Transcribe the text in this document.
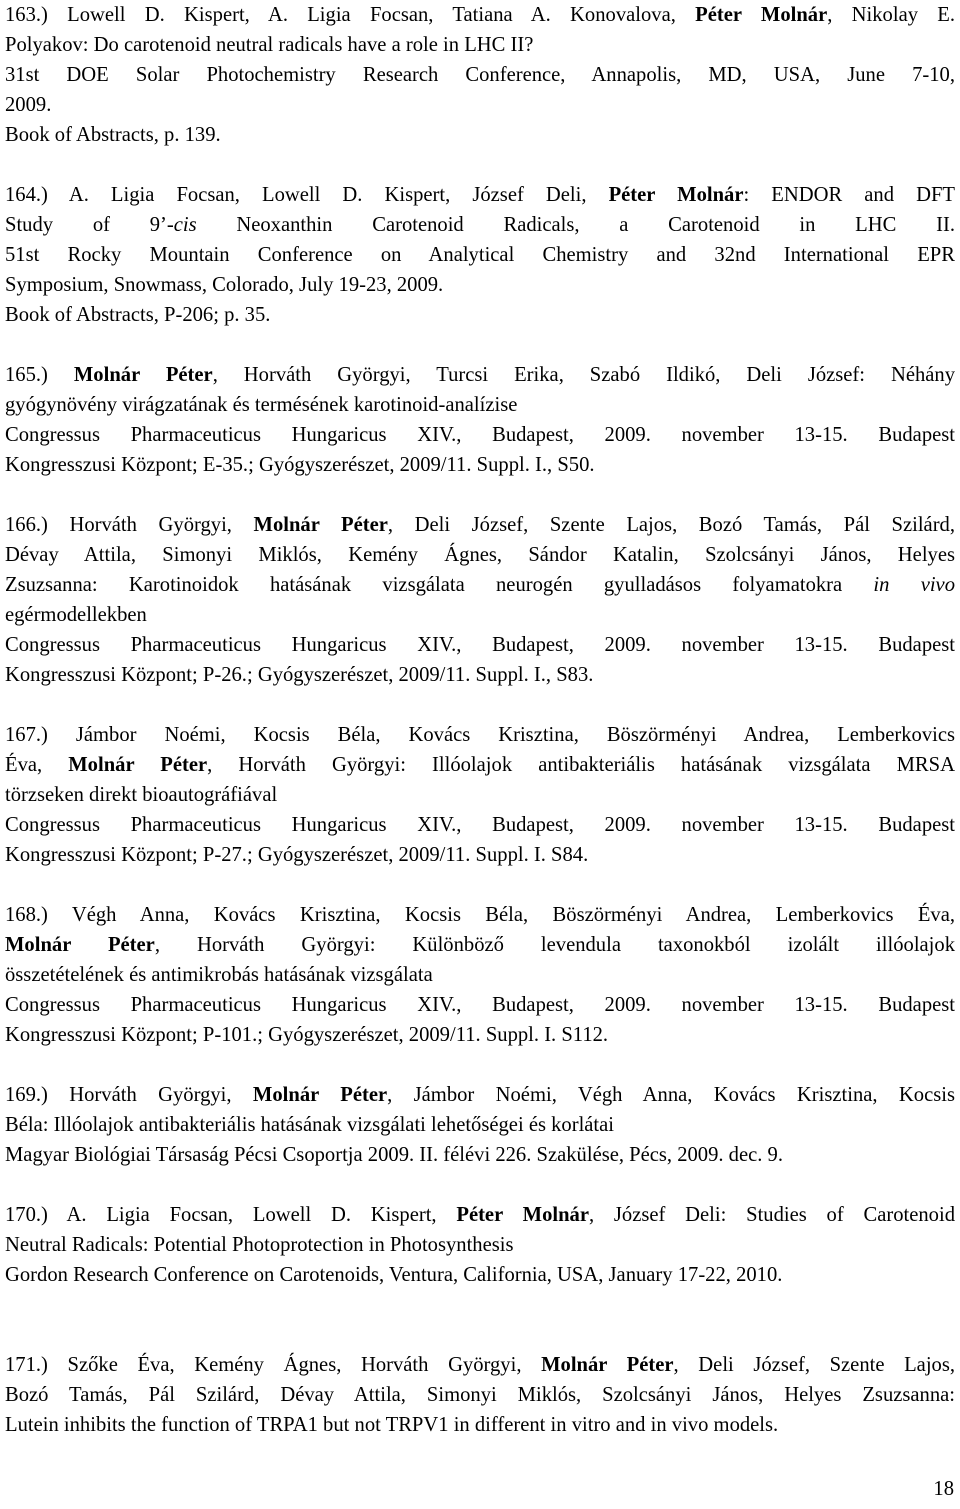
163.) Lowell D. Kispert, A. Ligia Focsan, Tatiana A. Konovalova, Péter Molnár, Nikolay E.
Polyakov: Do carotenoid neutral radicals have a role in LHC II?
31st DOE Solar Photochemistry Research Conference, Annapolis, MD, USA, June 7-10,
2009.
Book of Abstracts, p. 139.
164.) A. Ligia Focsan, Lowell D. Kispert, József Deli, Péter Molnár: ENDOR and DFT
Study of 9’-cis Neoxanthin Carotenoid Radicals, a Carotenoid in LHC II.
51st Rocky Mountain Conference on Analytical Chemistry and 32nd International EPR
Symposium, Snowmass, Colorado, July 19-23, 2009.
Book of Abstracts, P-206; p. 35.
165.) Molnár Péter, Horváth Györgyi, Turcsi Erika, Szabó Ildikó, Deli József: Néhány
gyógynövény virágzatának és termésének karotinoid-analízise
Congressus Pharmaceuticus Hungaricus XIV., Budapest, 2009. november 13-15. Budapest
Kongresszusi Központ; E-35.; Gyógyszerészet, 2009/11. Suppl. I., S50.
166.) Horváth Györgyi, Molnár Péter, Deli József, Szente Lajos, Bozó Tamás, Pál Szilárd,
Dévay Attila, Simonyi Miklós, Kemény Ágnes, Sándor Katalin, Szolcsányi János, Helyes
Zsuzsanna: Karotinoidok hatásának vizsgálata neurogén gyulladásos folyamatokra in vivo
egérmodellekben
Congressus Pharmaceuticus Hungaricus XIV., Budapest, 2009. november 13-15. Budapest
Kongresszusi Központ; P-26.; Gyógyszerészet, 2009/11. Suppl. I., S83.
167.) Jámbor Noémi, Kocsis Béla, Kovács Krisztina, Böszörményi Andrea, Lemberkovics
Éva, Molnár Péter, Horváth Györgyi: Illóolajok antibakteriális hatásának vizsgálata MRSA
törzseken direkt bioautográfiával
Congressus Pharmaceuticus Hungaricus XIV., Budapest, 2009. november 13-15. Budapest
Kongresszusi Központ; P-27.; Gyógyszerészet, 2009/11. Suppl. I. S84.
168.) Végh Anna, Kovács Krisztina, Kocsis Béla, Böszörményi Andrea, Lemberkovics Éva,
Molnár Péter, Horváth Györgyi: Különböző levendula taxonokból izolált illóolajok
összetételének és antimikrobás hatásának vizsgálata
Congressus Pharmaceuticus Hungaricus XIV., Budapest, 2009. november 13-15. Budapest
Kongresszusi Központ; P-101.; Gyógyszerészet, 2009/11. Suppl. I. S112.
169.) Horváth Györgyi, Molnár Péter, Jámbor Noémi, Végh Anna, Kovács Krisztina, Kocsis
Béla: Illóolajok antibakteriális hatásának vizsgálati lehetőségei és korlátai
Magyar Biológiai Társaság Pécsi Csoportja 2009. II. félévi 226. Szakülése, Pécs, 2009. dec. 9.
170.) A. Ligia Focsan, Lowell D. Kispert, Péter Molnár, József Deli: Studies of Carotenoid
Neutral Radicals: Potential Photoprotection in Photosynthesis
Gordon Research Conference on Carotenoids, Ventura, California, USA, January 17-22, 2010.
171.) Szőke Éva, Kemény Ágnes, Horváth Györgyi, Molnár Péter, Deli József, Szente Lajos,
Bozó Tamás, Pál Szilárd, Dévay Attila, Simonyi Miklós, Szolcsányi János, Helyes Zsuzsanna:
Lutein inhibits the function of TRPA1 but not TRPV1 in different in vitro and in vivo models.
18
